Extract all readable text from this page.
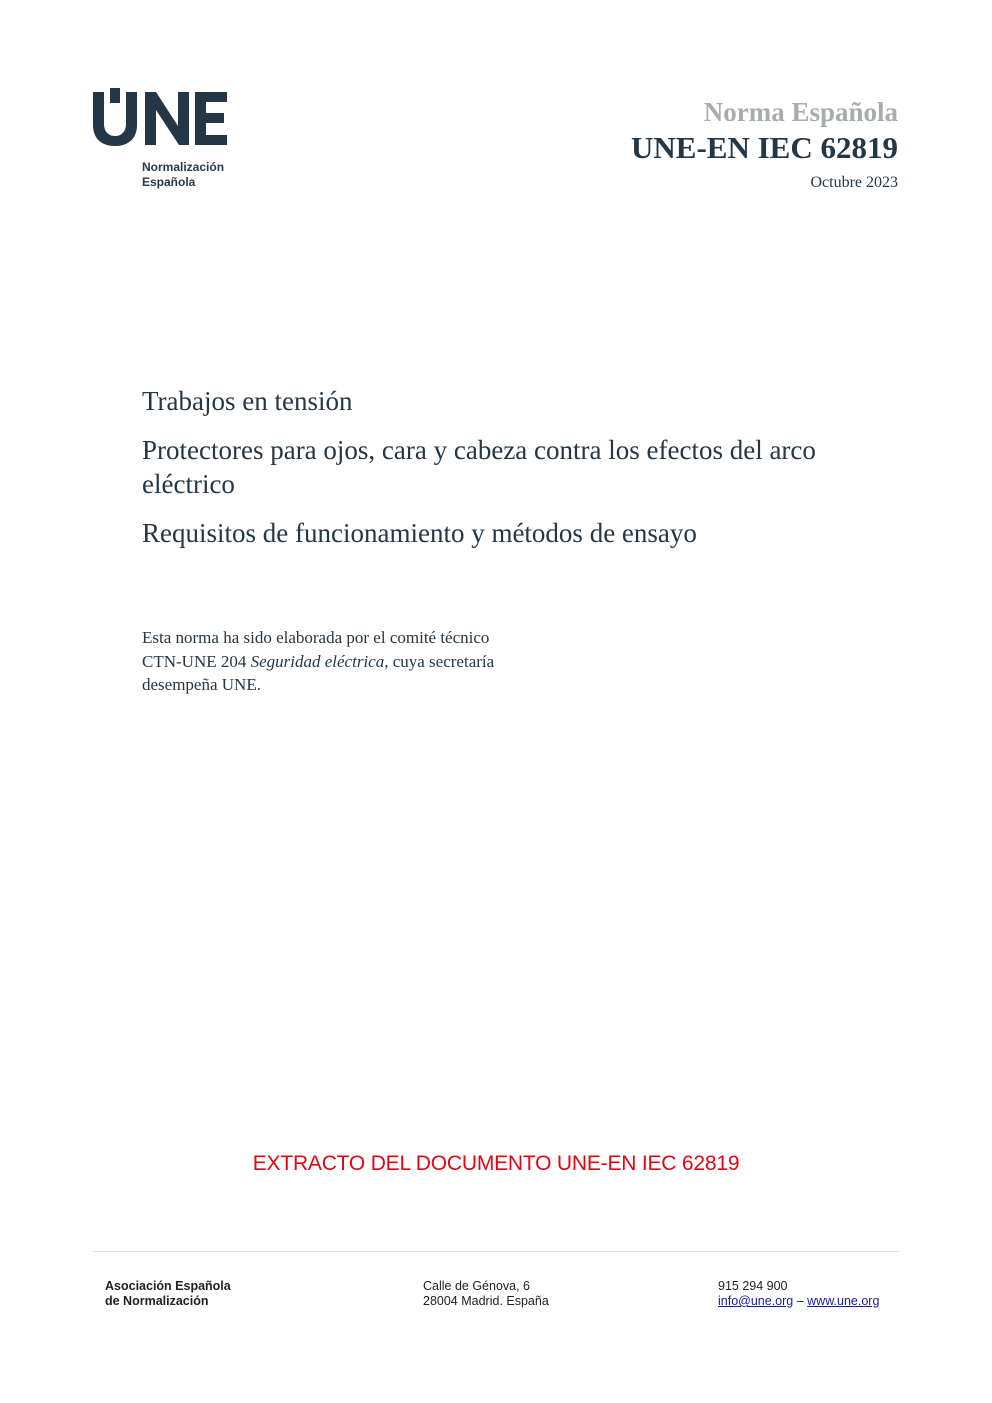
Normalización
Española
Norma Española
UNE-EN IEC 62819
Octubre 2023

Trabajos en tensión

Protectores para ojos, cara y cabeza contra los efectos del arco eléctrico

Requisitos de funcionamiento y métodos de ensayo

Esta norma ha sido elaborada por el comité técnico
CTN-UNE 204 Seguridad eléctrica, cuya secretaría
desempeña UNE.
EXTRACTO DEL DOCUMENTO UNE-EN IEC 62819
Asociación Española
de Normalización
Calle de Génova, 6
28004 Madrid. España
915 294 900
info@une.org – www.une.org
